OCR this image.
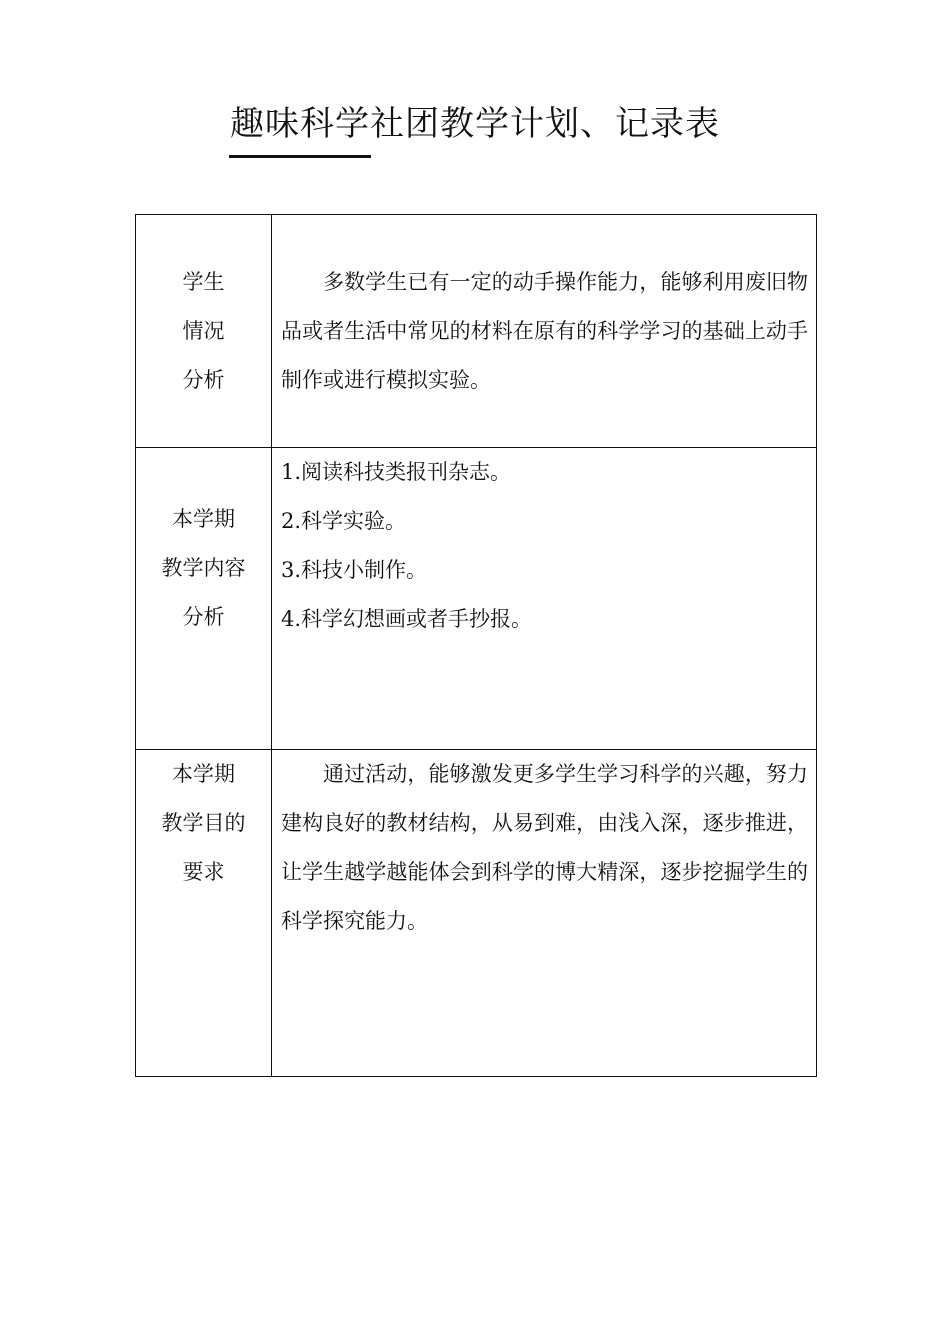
趣味科学社团教学计划、记录表
学生
情况
分析

多数学生已有一定的动手操作能力，能够利用废旧物品或者生活中常见的材料在原有的科学学习的基础上动手制作或进行模拟实验。

本学期
教学内容
分析
1.阅读科技类报刊杂志。
2.科学实验。
3.科技小制作。
4.科学幻想画或者手抄报。
本学期
教学目的
要求

通过活动，能够激发更多学生学习科学的兴趣，努力建构良好的教材结构，从易到难，由浅入深，逐步推进，让学生越学越能体会到科学的博大精深，逐步挖掘学生的科学探究能力。
